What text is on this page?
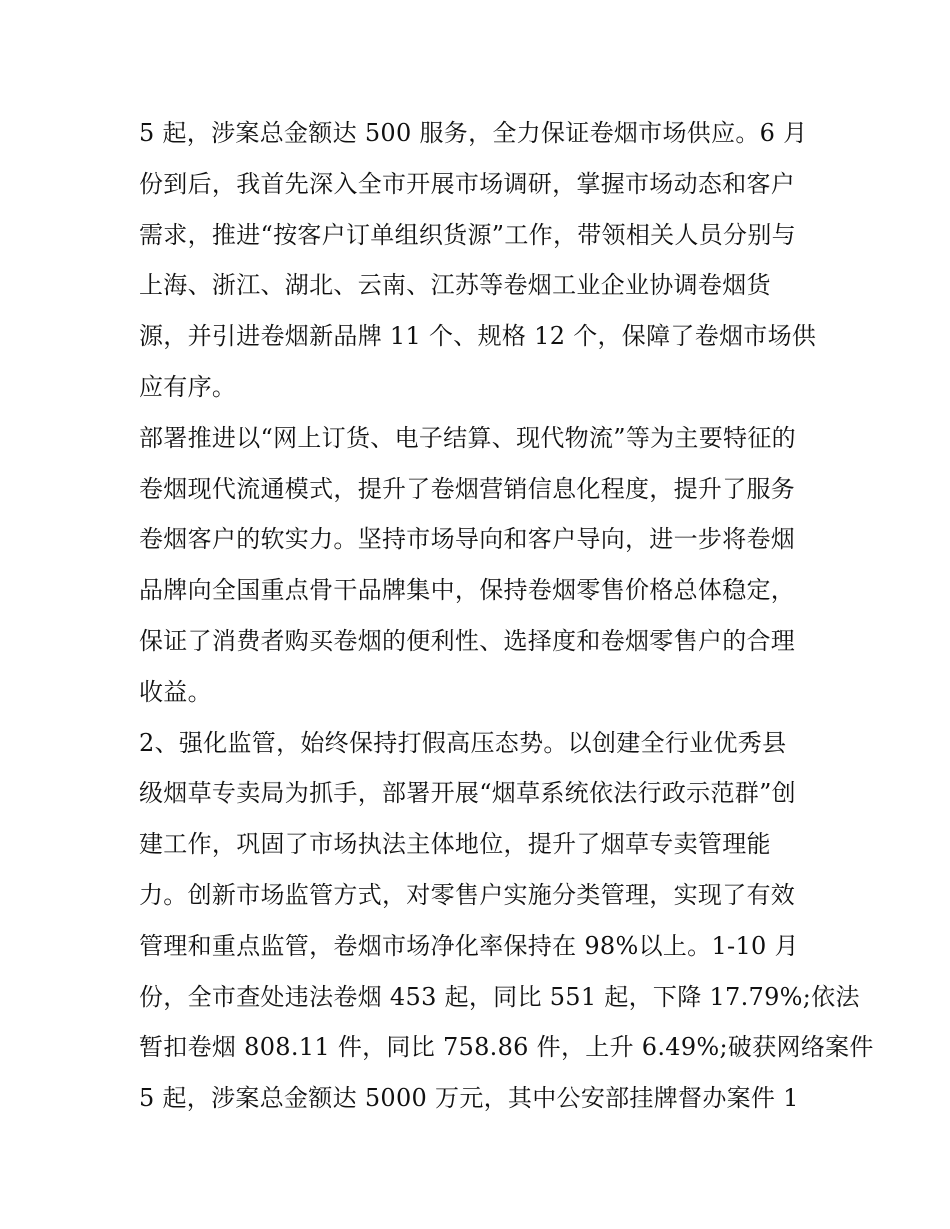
5 起，涉案总金额达 500 服务，全力保证卷烟市场供应。6 月
份到后，我首先深入全市开展市场调研，掌握市场动态和客户
需求，推进“按客户订单组织货源”工作，带领相关人员分别与
上海、浙江、湖北、云南、江苏等卷烟工业企业协调卷烟货
源，并引进卷烟新品牌 11 个、规格 12 个，保障了卷烟市场供
应有序。
部署推进以“网上订货、电子结算、现代物流”等为主要特征的
卷烟现代流通模式，提升了卷烟营销信息化程度，提升了服务
卷烟客户的软实力。坚持市场导向和客户导向，进一步将卷烟
品牌向全国重点骨干品牌集中，保持卷烟零售价格总体稳定，
保证了消费者购买卷烟的便利性、选择度和卷烟零售户的合理
收益。
2、强化监管，始终保持打假高压态势。以创建全行业优秀县
级烟草专卖局为抓手，部署开展“烟草系统依法行政示范群”创
建工作，巩固了市场执法主体地位，提升了烟草专卖管理能
力。创新市场监管方式，对零售户实施分类管理，实现了有效
管理和重点监管，卷烟市场净化率保持在 98%以上。1-10 月
份，全市查处违法卷烟 453 起，同比 551 起，下降 17.79%;依法
暂扣卷烟 808.11 件，同比 758.86 件，上升 6.49%;破获网络案件
5 起，涉案总金额达 5000 万元，其中公安部挂牌督办案件 1
